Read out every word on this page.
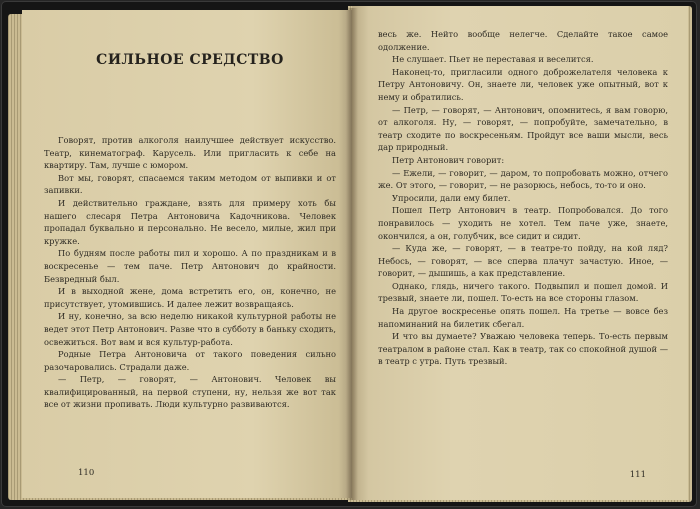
СИЛЬНОЕ СРЕДСТВО

Говорят, против алкоголя наилучшее действует искусство. Театр, кинематограф. Карусель. Или пригласить к себе на квартиру. Там, лучше с юмором.

Вот мы, говорят, спасаемся таким методом от выпивки и от запивки.

И действительно граждане, взять для примеру хоть бы нашего слесаря Петра Антоновича Кадочникова. Человек пропадал буквально и персонально. Не весело, милые, жил при кружке.

По будням после работы пил и хорошо. А по праздникам и в воскресенье — тем паче. Петр Антонович до крайности. Безвредный был.

И в выходной жене, дома встретить его, он, конечно, не присутствует, утомившись. И далее лежит возвращаясь.

И ну, конечно, за всю неделю никакой культурной работы не ведет этот Петр Антонович. Разве что в субботу в баньку сходить, освежиться. Вот вам и вся культур-работа.

Родные Петра Антоновича от такого поведения сильно разочаровались. Страдали даже.

— Петр, — говорят, — Антонович. Человек вы квалифицированный, на первой ступени, ну, нельзя же вот так все от жизни пропивать. Люди культурно развиваются.

110

весь же. Нейто вообще нелегче. Сделайте такое самое одолжение.

Не слушает. Пьет не переставая и веселится.

Наконец-то, пригласили одного доброжелателя человека к Петру Антоновичу. Он, знаете ли, человек уже опытный, вот к нему и обратились.

— Петр, — говорят, — Антонович, опомнитесь, я вам говорю, от алкоголя. Ну, — говорят, — попробуйте, замечательно, в театр сходите по воскресеньям. Пройдут все ваши мысли, весь дар природный.

Петр Антонович говорит:

— Ежели, — говорит, — даром, то попробовать можно, отчего же. От этого, — говорит, — не разорюсь, небось, то-то и оно.

Упросили, дали ему билет.

Пошел Петр Антонович в театр. Попробовался. До того понравилось — уходить не хотел. Тем паче уже, знаете, окончился, а он, голубчик, все сидит и сидит.

— Куда же, — говорят, — в театре-то пойду, на кой ляд? Небось, — говорят, — все сперва плачут зачастую. Иное, — говорит, — дышишь, а как представление.

Однако, глядь, ничего такого. Подвыпил и пошел домой. И трезвый, знаете ли, пошел. То-есть на все стороны глазом.

На другое воскресенье опять пошел. На третье — вовсе без напоминаний на билетик сбегал.

И что вы думаете? Уважаю человека теперь. То-есть первым театралом в районе стал. Как в театр, так со спокойной душой — в театр с утра. Путь трезвый.

111
